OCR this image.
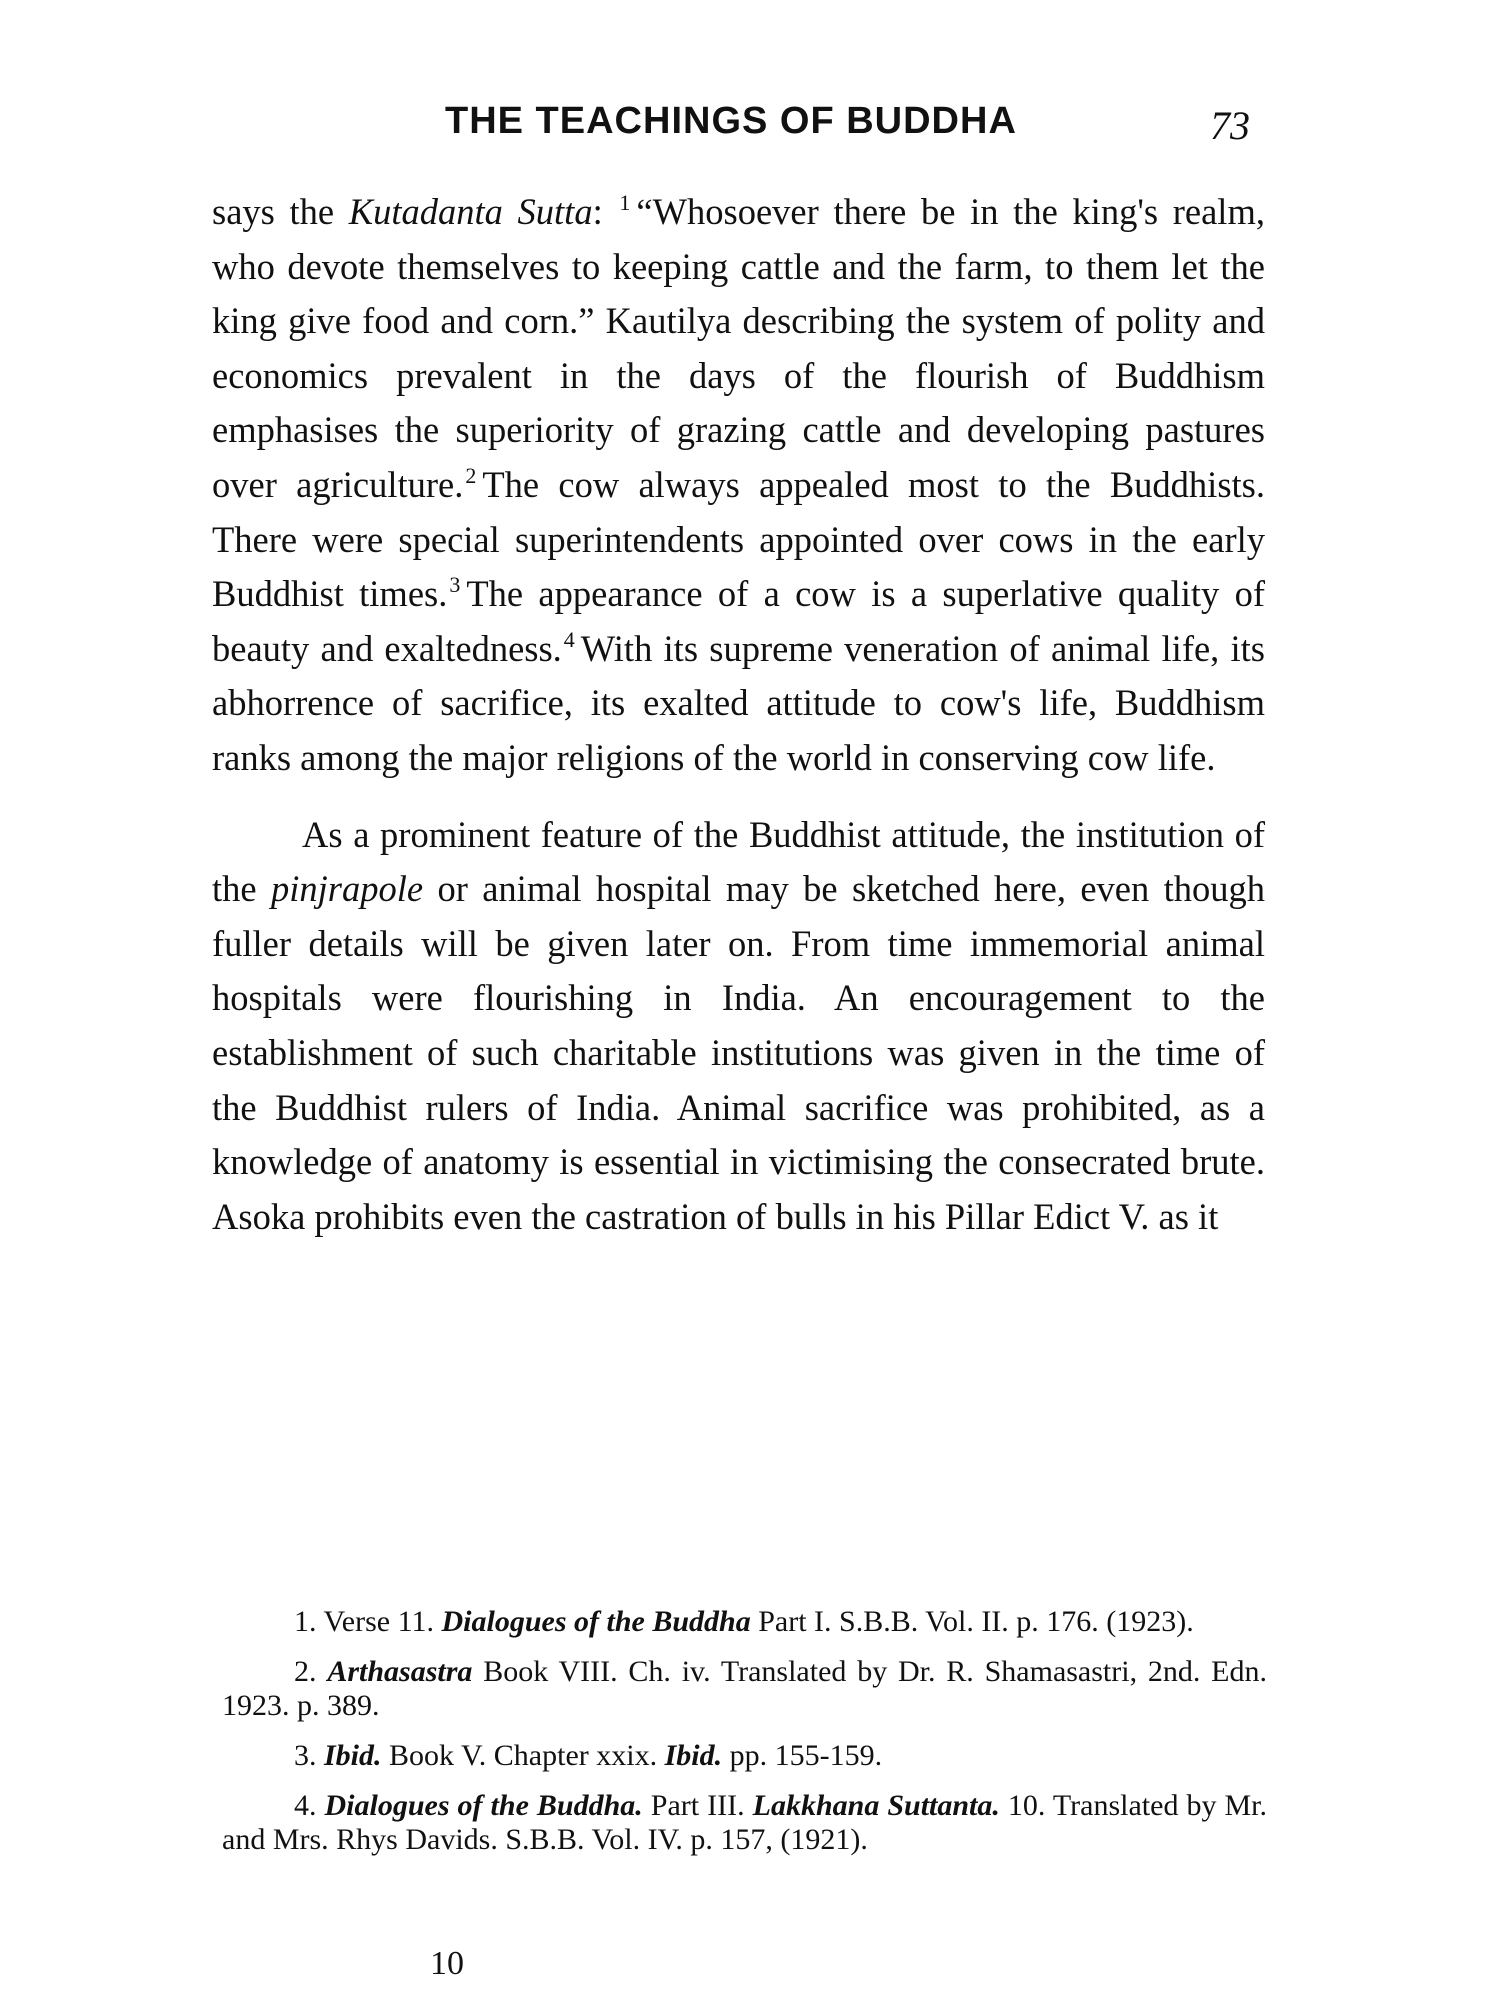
THE TEACHINGS OF BUDDHA	73

says the Kutadanta Sutta: $^1$ “Whosoever there be in the king's realm, who devote themselves to keeping cattle and the farm, to them let the king give food and corn.” Kautilya describing the system of polity and economics prevalent in the days of the flourish of Buddhism emphasises the superiority of grazing cattle and developing pastures over agriculture.$^2$ The cow always appealed most to the Buddhists. There were special superintendents appointed over cows in the early Buddhist times.$^3$ The appearance of a cow is a superlative quality of beauty and exaltedness.$^4$ With its supreme veneration of animal life, its abhorrence of sacrifice, its exalted attitude to cow's life, Buddhism ranks among the major religions of the world in conserving cow life.

As a prominent feature of the Buddhist attitude, the institution of the pinjrapole or animal hospital may be sketched here, even though fuller details will be given later on. From time immemorial animal hospitals were flourishing in India. An encouragement to the establishment of such charitable institutions was given in the time of the Buddhist rulers of India. Animal sacrifice was prohibited, as a knowledge of anatomy is essential in victimising the consecrated brute. Asoka prohibits even the castration of bulls in his Pillar Edict V. as it

1. Verse 11. Dialogues of the Buddha Part I. S.B.B. Vol. II. p. 176. (1923).

2. Arthasastra Book VIII. Ch. iv. Translated by Dr. R. Shamasastri, 2nd. Edn. 1923. p. 389.

3. Ibid. Book V. Chapter xxix. Ibid. pp. 155-159.

4. Dialogues of the Buddha. Part III. Lakkhana Suttanta. 10. Translated by Mr. and Mrs. Rhys Davids. S.B.B. Vol. IV. p. 157, (1921).

10
